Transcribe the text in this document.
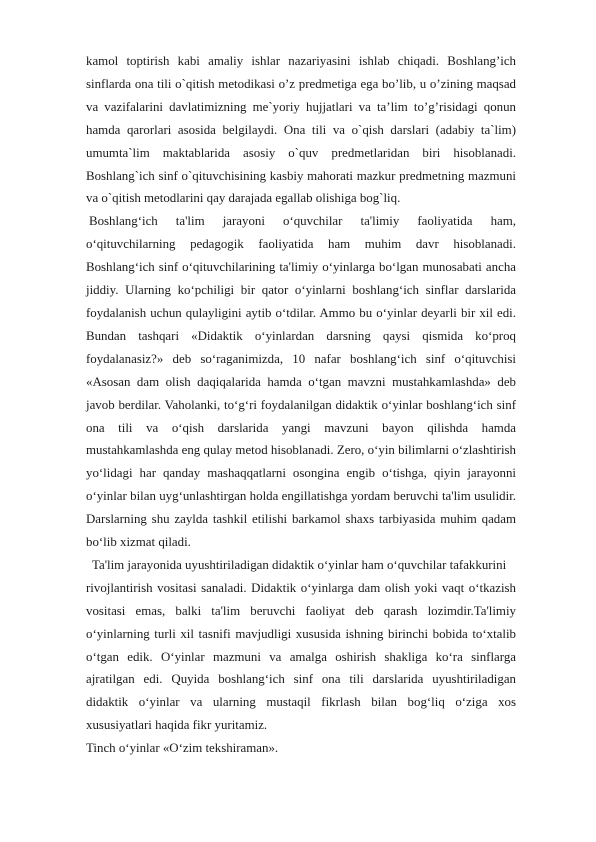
kamol toptirish kabi amaliy ishlar nazariyasini ishlab chiqadi. Boshlang’ich sinflarda ona tili o`qitish metodikasi o’z predmetiga ega bo’lib, u o’zining maqsad va vazifalarini davlatimizning me`yoriy hujjatlari va ta’lim to’g’risidagi qonun hamda qarorlari asosida belgilaydi. Ona tili va o`qish darslari (adabiy ta`lim) umumta`lim maktablarida asosiy o`quv predmetlaridan biri hisoblanadi. Boshlang`ich sinf o`qituvchisining kasbiy mahorati mazkur predmetning mazmuni va o`qitish metodlarini qay darajada egallab olishiga bog`liq.

Boshlang‘ich ta'lim jarayoni o‘quvchilar ta'limiy faoliyatida ham, o‘qituvchilarning pedagogik faoliyatida ham muhim davr hisoblanadi. Boshlang‘ich sinf o‘qituvchilarining ta'limiy o‘yinlarga bo‘lgan munosabati ancha jiddiy. Ularning ko‘pchiligi bir qator o‘yinlarni boshlang‘ich sinflar darslarida foydalanish uchun qulayligini aytib o‘tdilar. Ammo bu o‘yinlar deyarli bir xil edi. Bundan tashqari «Didaktik o‘yinlardan darsning qaysi qismida ko‘proq foydalanasiz?» deb so‘raganimizda, 10 nafar boshlang‘ich sinf o‘qituvchisi «Asosan dam olish daqiqalarida hamda o‘tgan mavzni mustahkamlashda» deb javob berdilar. Vaholanki, to‘g‘ri foydalanilgan didaktik o‘yinlar boshlang‘ich sinf ona tili va o‘qish darslarida yangi mavzuni bayon qilishda hamda mustahkamlashda eng qulay metod hisoblanadi. Zero, o‘yin bilimlarni o‘zlashtirish yo‘lidagi har qanday mashaqqatlarni osongina engib o‘tishga, qiyin jarayonni o‘yinlar bilan uyg‘unlashtirgan holda engillatishga yordam beruvchi ta'lim usulidir. Darslarning shu zaylda tashkil etilishi barkamol shaxs tarbiyasida muhim qadam bo‘lib xizmat qiladi.

Ta'lim jarayonida uyushtiriladigan didaktik o‘yinlar ham o‘quvchilar tafakkurini

rivojlantirish vositasi sanaladi. Didaktik o‘yinlarga dam olish yoki vaqt o‘tkazish vositasi emas, balki ta'lim beruvchi faoliyat deb qarash lozimdir.Ta'limiy o‘yinlarning turli xil tasnifi mavjudligi xususida ishning birinchi bobida to‘xtalib o‘tgan edik. O‘yinlar mazmuni va amalga oshirish shakliga ko‘ra sinflarga ajratilgan edi. Quyida boshlang‘ich sinf ona tili darslarida uyushtiriladigan didaktik o‘yinlar va ularning mustaqil fikrlash bilan bog‘liq o‘ziga xos xususiyatlari haqida fikr yuritamiz.

Tinch o‘yinlar «O‘zim tekshiraman».
